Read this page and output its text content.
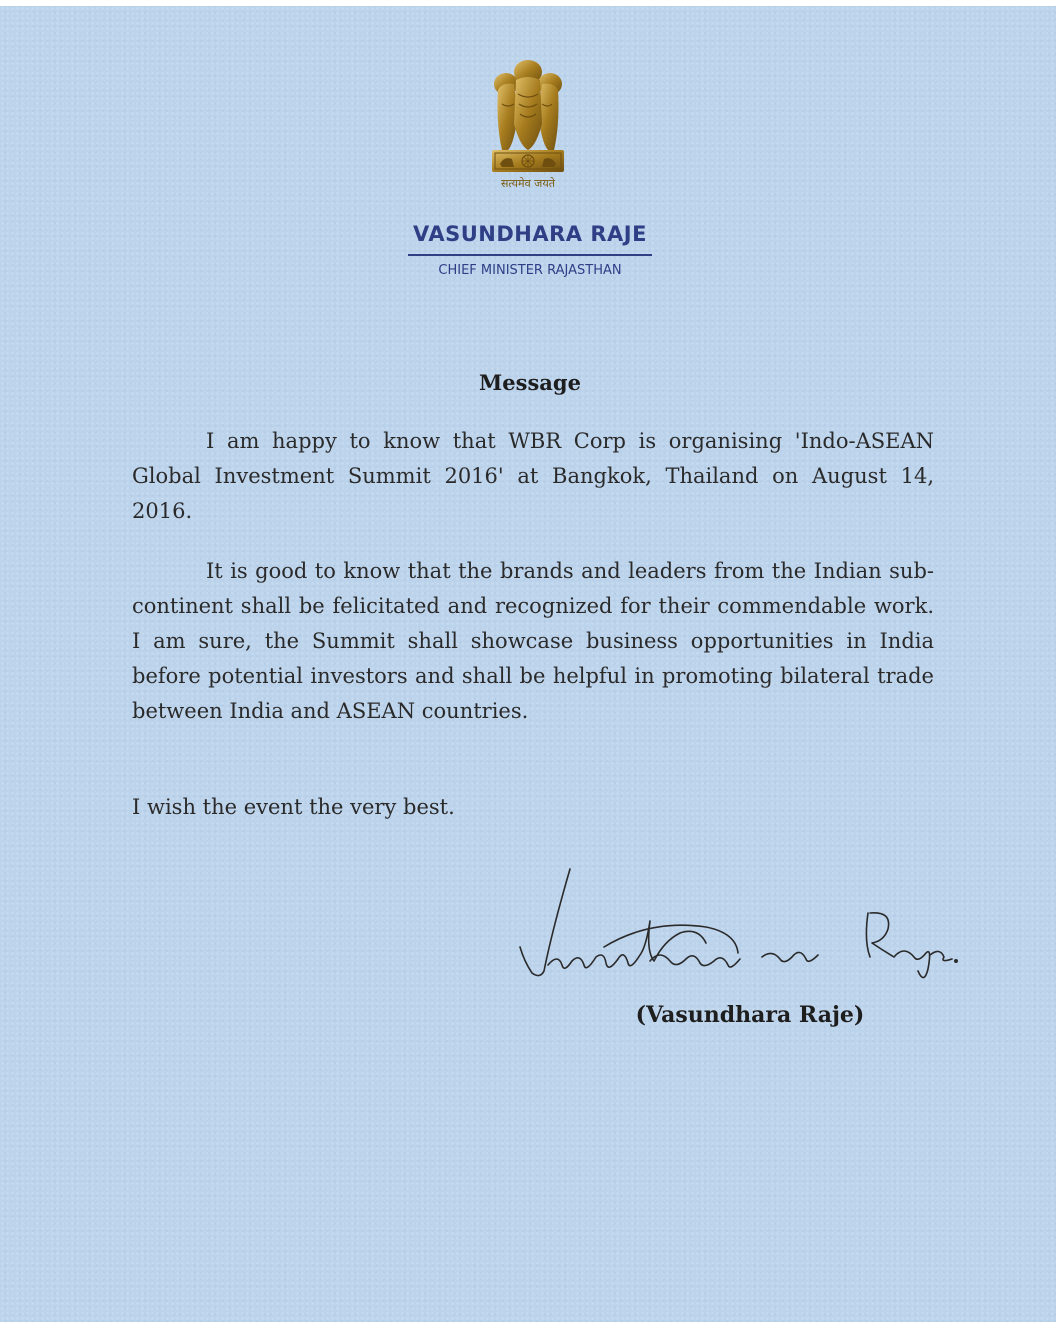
सत्यमेव जयते
VASUNDHARA RAJE
CHIEF MINISTER RAJASTHAN
Message

I am happy to know that WBR Corp is organising 'Indo-ASEAN Global Investment Summit 2016' at Bangkok, Thailand on August 14, 2016.

It is good to know that the brands and leaders from the Indian sub-continent shall be felicitated and recognized for their commendable work. I am sure, the Summit shall showcase business opportunities in India before potential investors and shall be helpful in promoting bilateral trade between India and ASEAN countries.

I wish the event the very best.

(Vasundhara Raje)
